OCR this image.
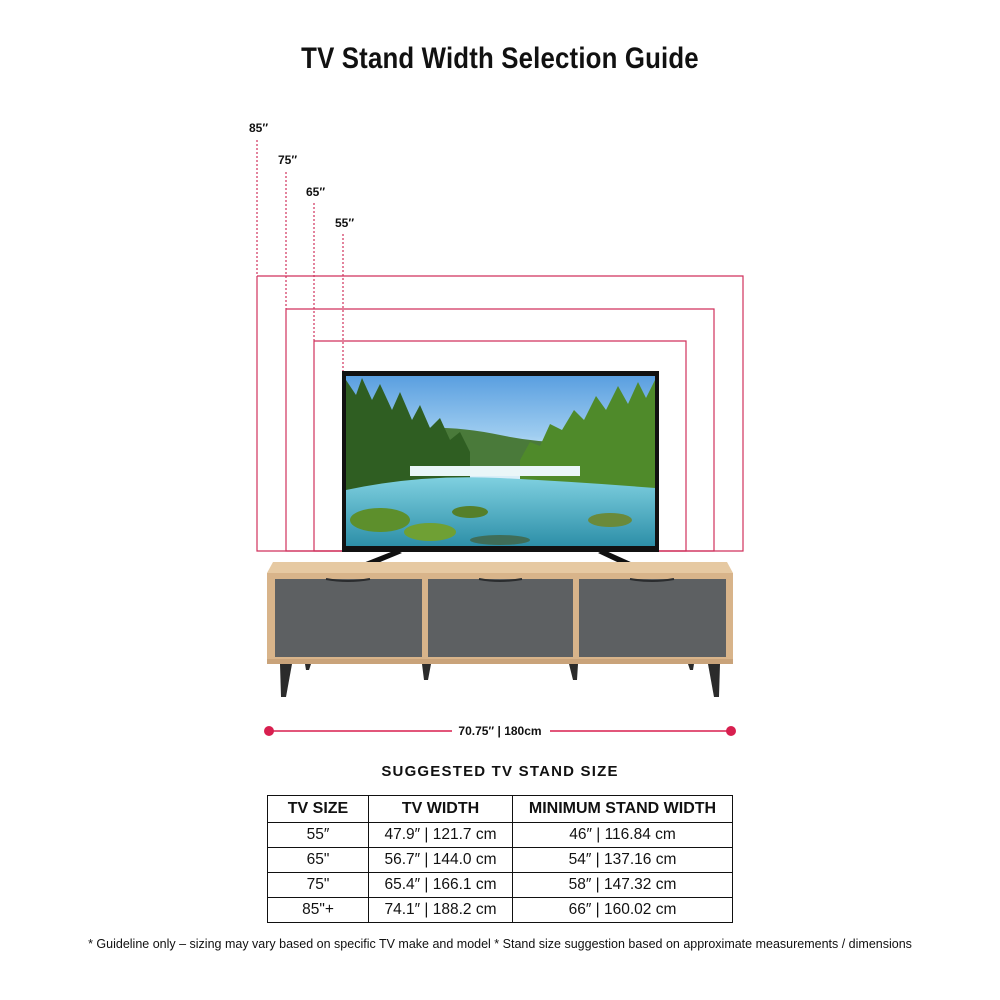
TV Stand Width Selection Guide
85″
75″
65″
55″
70.75″ | 180cm
SUGGESTED TV STAND SIZE
TV SIZE	TV WIDTH	MINIMUM STAND WIDTH
55″	47.9″ | 121.7 cm	46″ | 116.84 cm
65"	56.7″ | 144.0 cm	54″ | 137.16 cm
75"	65.4″ | 166.1 cm	58″ | 147.32 cm
85"+	74.1″ | 188.2 cm	66″ | 160.02 cm
* Guideline only – sizing may vary based on specific TV make and model * Stand size suggestion based on approximate measurements / dimensions
